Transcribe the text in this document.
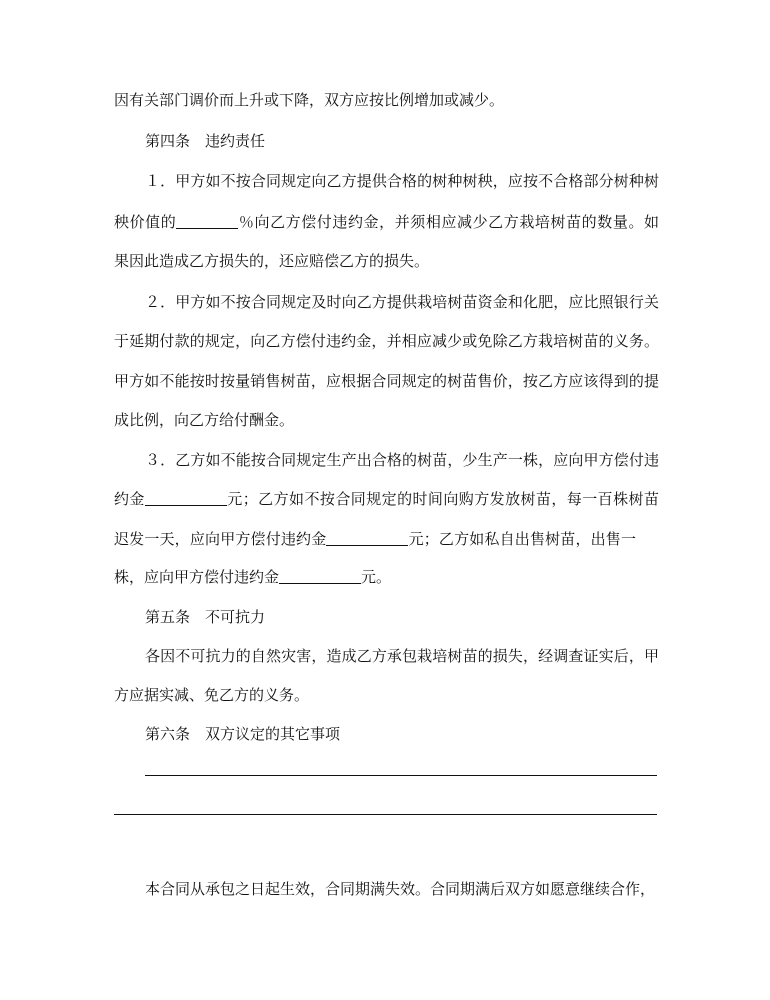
因有关部门调价而上升或下降，双方应按比例增加或减少。
第四条　违约责任
１．甲方如不按合同规定向乙方提供合格的树种树秧，应按不合格部分树种树
秧价值的	％向乙方偿付违约金，并须相应减少乙方栽培树苗的数量。如
果因此造成乙方损失的，还应赔偿乙方的损失。
２．甲方如不按合同规定及时向乙方提供栽培树苗资金和化肥，应比照银行关
于延期付款的规定，向乙方偿付违约金，并相应减少或免除乙方栽培树苗的义务。
甲方如不能按时按量销售树苗，应根据合同规定的树苗售价，按乙方应该得到的提
成比例，向乙方给付酬金。
３．乙方如不能按合同规定生产出合格的树苗，少生产一株，应向甲方偿付违
约金	元；乙方如不按合同规定的时间向购方发放树苗，每一百株树苗
迟发一天，应向甲方偿付违约金	元；乙方如私自出售树苗，出售一
株，应向甲方偿付违约金	元。
第五条　不可抗力
各因不可抗力的自然灾害，造成乙方承包栽培树苗的损失，经调查证实后，甲
方应据实减、免乙方的义务。
第六条　双方议定的其它事项
本合同从承包之日起生效，合同期满失效。合同期满后双方如愿意继续合作，
